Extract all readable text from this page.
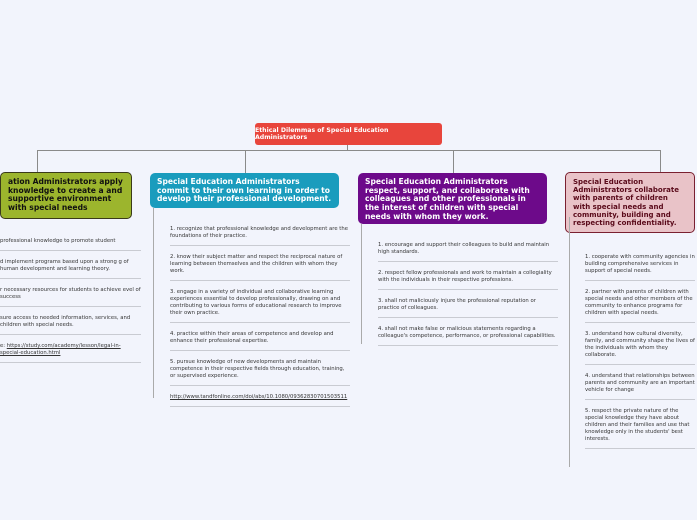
Ethical Dilemmas of Special Education Administrators
ation Administrators apply knowledge to create a and supportive environment with special needs
professional knowledge to promote student
d implement programs based upon a strong g of human development and learning theory.
r necessary resources for students to achieve evel of success
sure access to needed information, services, and children with special needs.
e: https://study.com/academy/lesson/legal-in-special-education.html
Special Education Administrators commit to their own learning in order to develop their professional development.
1. recognize that professional knowledge and development are the foundations of their practice.
2. know their subject matter and respect the reciprocal nature of learning between themselves and the children with whom they work.
3. engage in a variety of individual and collaborative learning experiences essential to develop professionally, drawing on and contributing to various forms of educational research to improve their own practice.
4. practice within their areas of competence and develop and enhance their professional expertise.
5. pursue knowledge of new developments and maintain competence in their respective fields through education, training, or supervised experience.
http://www.tandfonline.com/doi/abs/10.1080/09362830701503511
Special Education Administrators respect, support, and collaborate with colleagues and other professionals in the interest of children with special needs with whom they work.
1. encourage and support their colleagues to build and maintain high standards.
2. respect fellow professionals and work to maintain a collegiality with the individuals in their respective professions.
3. shall not maliciously injure the professional reputation or practice of colleagues.
4. shall not make false or malicious statements regarding a colleague's competence, performance, or professional capabilities.
Special Education Administrators collaborate with parents of children with special needs and community, building and respecting confidentiality.
1. cooperate with community agencies in building comprehensive services in support of special needs.
2. partner with parents of children with special needs and other members of the community to enhance programs for children with special needs.
3. understand how cultural diversity, family, and community shape the lives of the individuals with whom they collaborate.
4. understand that relationships between parents and community are an important vehicle for change
5. respect the private nature of the special knowledge they have about children and their families and use that knowledge only in the students' best interests.
